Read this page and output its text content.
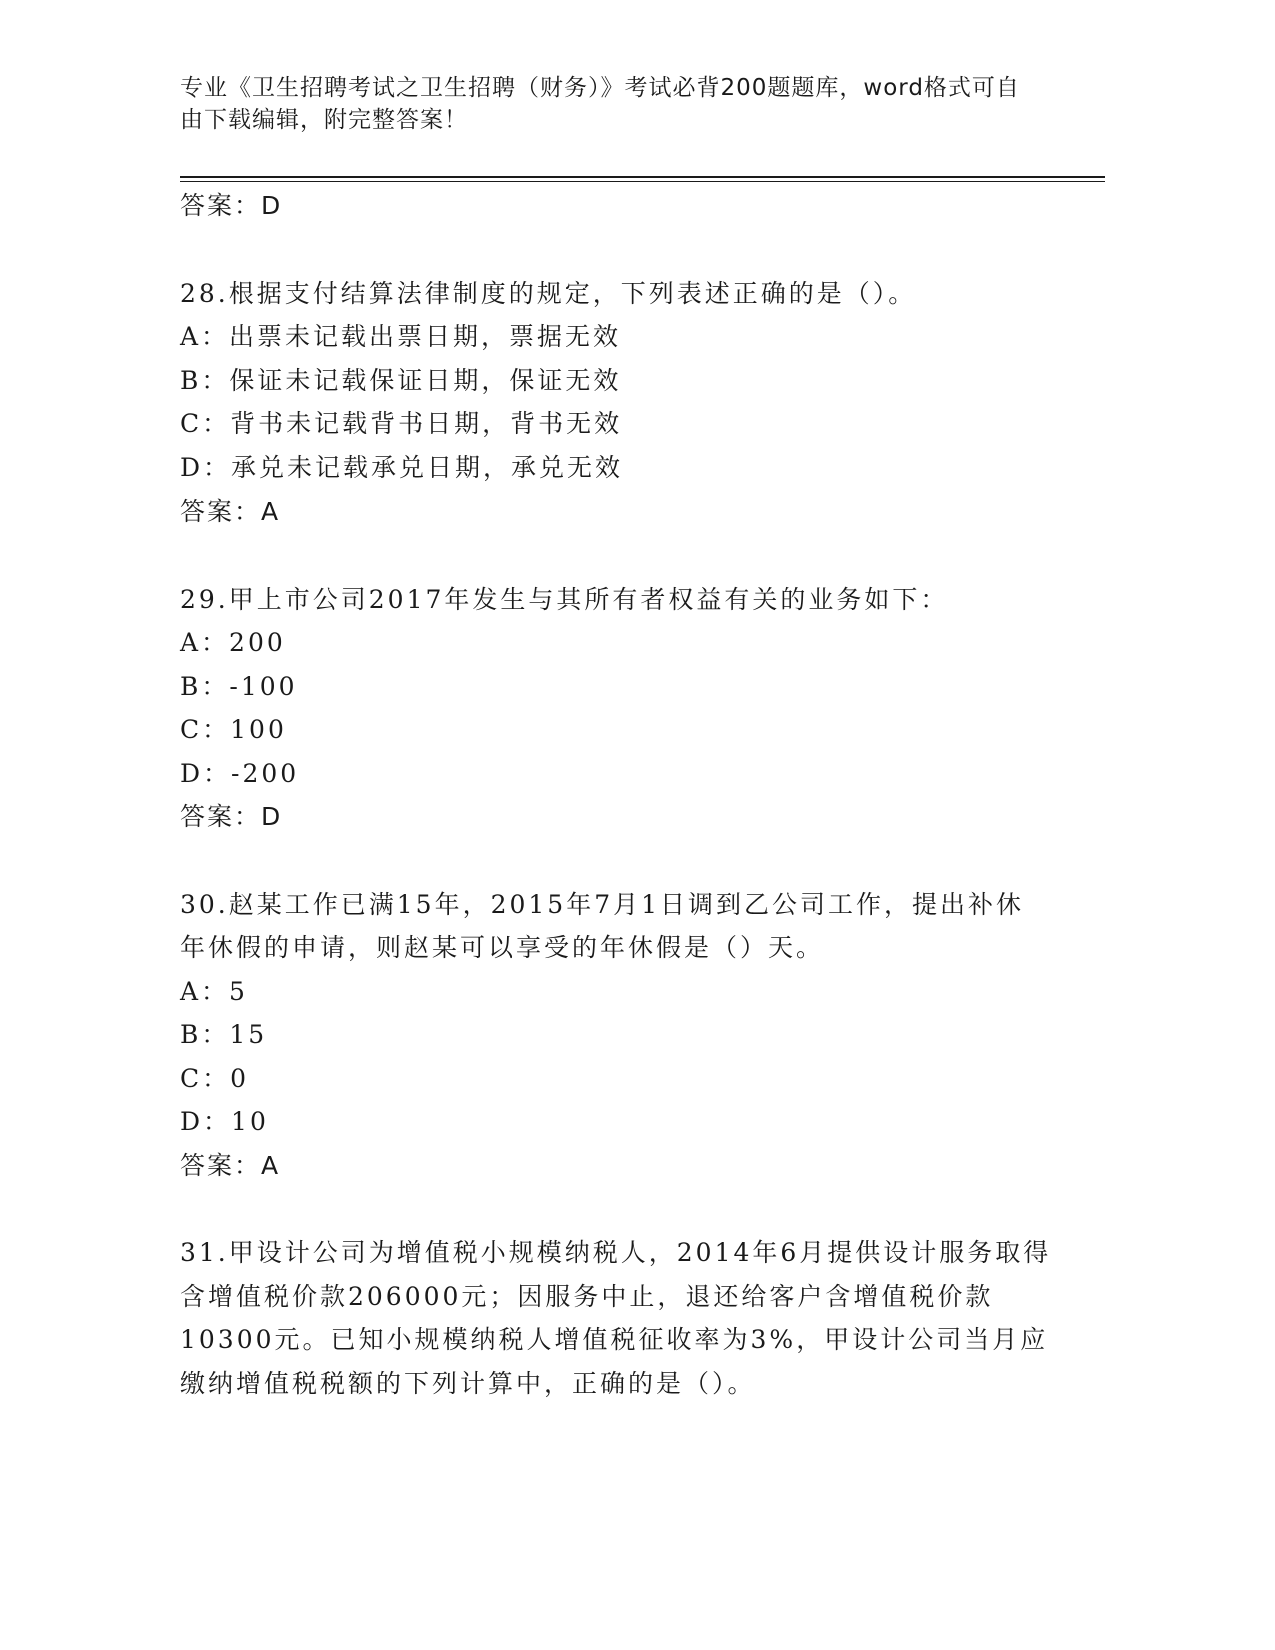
专业《卫生招聘考试之卫生招聘（财务）》考试必背200题题库，word格式可自
由下载编辑，附完整答案！
答案：D
28.根据支付结算法律制度的规定，下列表述正确的是（）。
A：出票未记载出票日期，票据无效
B：保证未记载保证日期，保证无效
C：背书未记载背书日期，背书无效
D：承兑未记载承兑日期，承兑无效
答案：A
29.甲上市公司2017年发生与其所有者权益有关的业务如下：
A：200
B：-100
C：100
D：-200
答案：D
30.赵某工作已满15年，2015年7月1日调到乙公司工作，提出补休
年休假的申请，则赵某可以享受的年休假是（）天。
A：5
B：15
C：0
D：10
答案：A
31.甲设计公司为增值税小规模纳税人，2014年6月提供设计服务取得
含增值税价款206000元；因服务中止，退还给客户含增值税价款
10300元。已知小规模纳税人增值税征收率为3%，甲设计公司当月应
缴纳增值税税额的下列计算中，正确的是（）。
